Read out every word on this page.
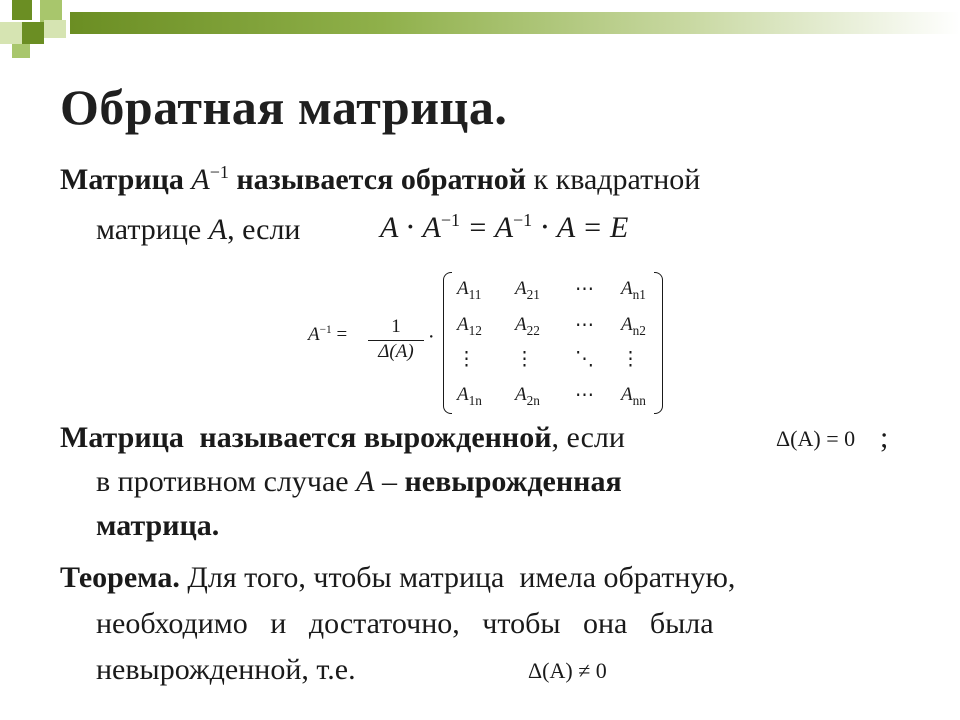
Обратная матрица.
Матрица $A^{-1}$ называется обратной к квадратной
матрице A, если	$A \cdot A^{-1} = A^{-1} \cdot A = E$
$A^{-1} = \frac{1}{\Delta(A)}$ ⋅
$A_{11}$ $A_{21}$ ⋯ $A_{n1}$
$A_{12}$ $A_{22}$ ⋯ $A_{n2}$
⋮ ⋮ ⋱ ⋮
$A_{1n}$ $A_{2n}$ ⋯ $A_{nn}$
Матрица называется вырожденной, если	Δ(A) = 0 ;
в противном случае A – невырожденная
матрица.
Теорема. Для того, чтобы матрица  имела обратную,
необходимо   и   достаточно,   чтобы   она   была
невырожденной, т.е.	Δ(A) ≠ 0
